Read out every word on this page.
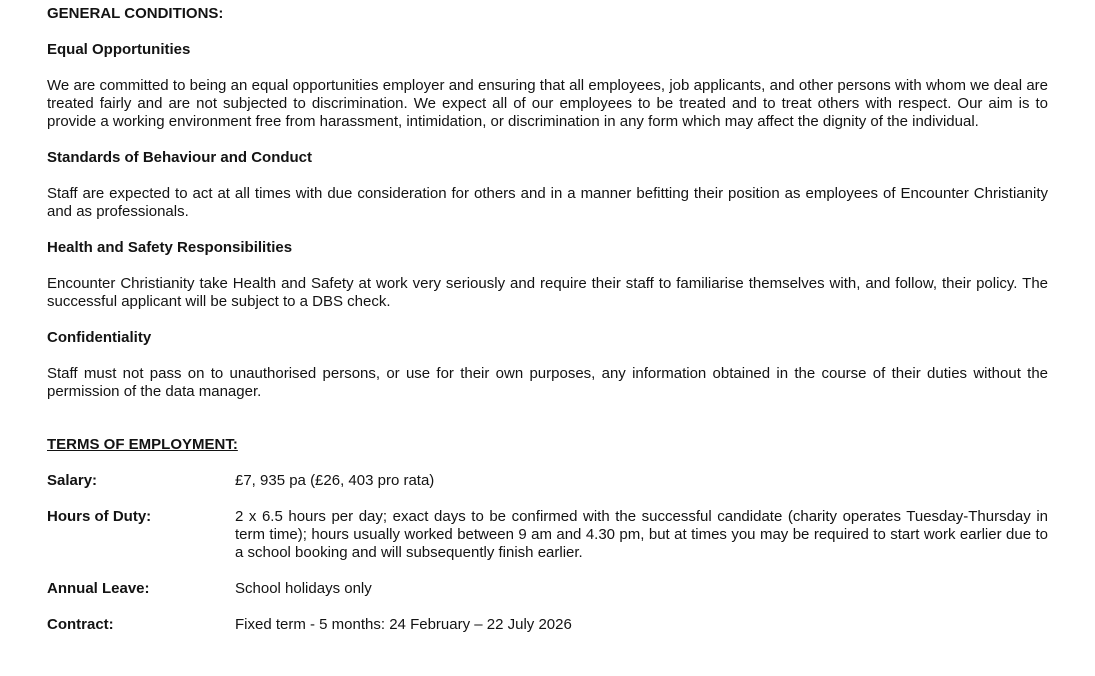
GENERAL CONDITIONS:
Equal Opportunities

We are committed to being an equal opportunities employer and ensuring that all employees, job applicants, and other persons with whom we deal are treated fairly and are not subjected to discrimination. We expect all of our employees to be treated and to treat others with respect. Our aim is to provide a working environment free from harassment, intimidation, or discrimination in any form which may affect the dignity of the individual.

Standards of Behaviour and Conduct

Staff are expected to act at all times with due consideration for others and in a manner befitting their position as employees of Encounter Christianity and as professionals.

Health and Safety Responsibilities

Encounter Christianity take Health and Safety at work very seriously and require their staff to familiarise themselves with, and follow, their policy. The successful applicant will be subject to a DBS check.

Confidentiality

Staff must not pass on to unauthorised persons, or use for their own purposes, any information obtained in the course of their duties without the permission of the data manager.

TERMS OF EMPLOYMENT:
Salary:	£7, 935 pa (£26, 403 pro rata)
Hours of Duty:	2 x 6.5 hours per day; exact days to be confirmed with the successful candidate (charity operates Tuesday-Thursday in term time); hours usually worked between 9 am and 4.30 pm, but at times you may be required to start work earlier due to a school booking and will subsequently finish earlier.
Annual Leave:	School holidays only
Contract:	Fixed term - 5 months: 24 February – 22 July 2026
